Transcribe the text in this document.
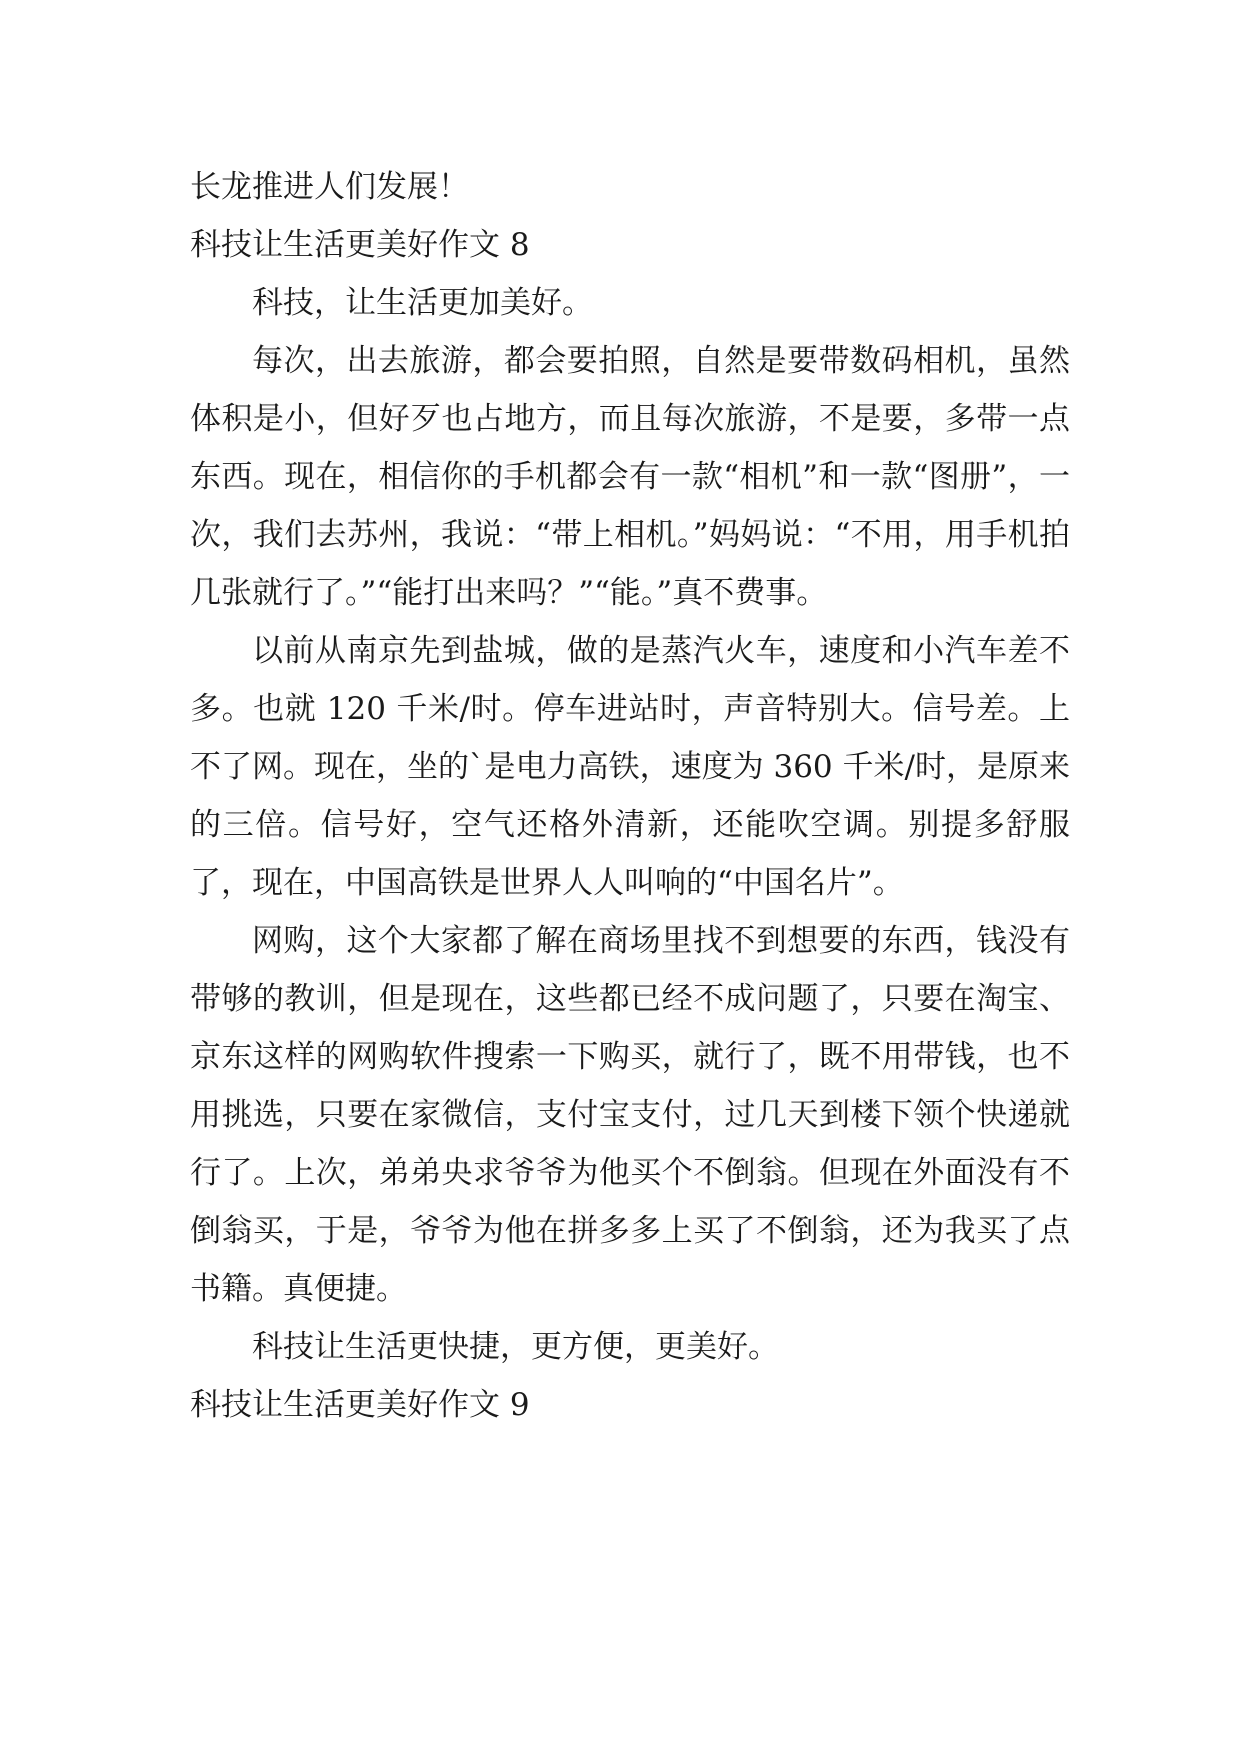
长龙推进人们发展！

科技让生活更美好作文 8

科技，让生活更加美好。

每次，出去旅游，都会要拍照，自然是要带数码相机，虽然体积是小，但好歹也占地方，而且每次旅游，不是要，多带一点东西。现在，相信你的手机都会有一款“相机”和一款“图册”，一次，我们去苏州，我说：“带上相机。”妈妈说：“不用，用手机拍几张就行了。”“能打出来吗？”“能。”真不费事。

以前从南京先到盐城，做的是蒸汽火车，速度和小汽车差不多。也就 120 千米/时。停车进站时，声音特别大。信号差。上不了网。现在，坐的`是电力高铁，速度为 360 千米/时，是原来的三倍。信号好，空气还格外清新，还能吹空调。别提多舒服了，现在，中国高铁是世界人人叫响的“中国名片”。

网购，这个大家都了解在商场里找不到想要的东西，钱没有带够的教训，但是现在，这些都已经不成问题了，只要在淘宝、京东这样的网购软件搜索一下购买，就行了，既不用带钱，也不用挑选，只要在家微信，支付宝支付，过几天到楼下领个快递就行了。上次，弟弟央求爷爷为他买个不倒翁。但现在外面没有不倒翁买，于是，爷爷为他在拼多多上买了不倒翁，还为我买了点书籍。真便捷。

科技让生活更快捷，更方便，更美好。

科技让生活更美好作文 9
